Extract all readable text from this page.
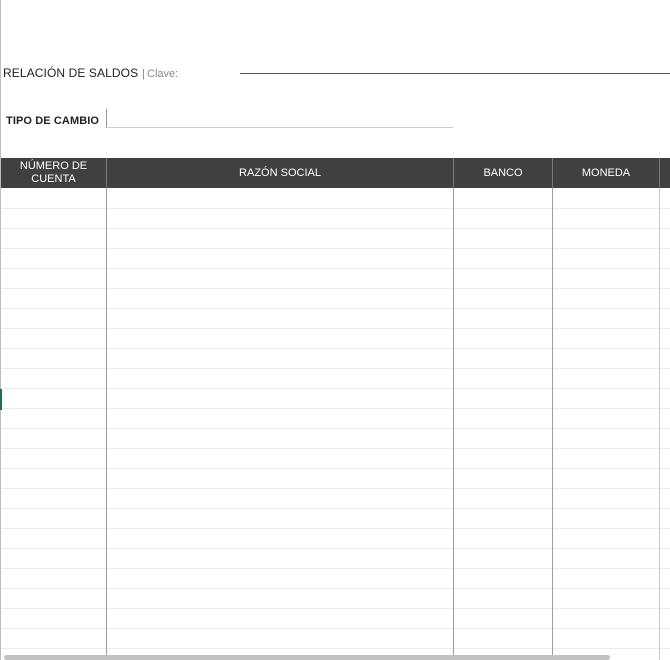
RELACIÓN DE SALDOS | Clave:
TIPO DE CAMBIO
NÚMERO DE
CUENTA
RAZÓN SOCIAL	BANCO	MONEDA
